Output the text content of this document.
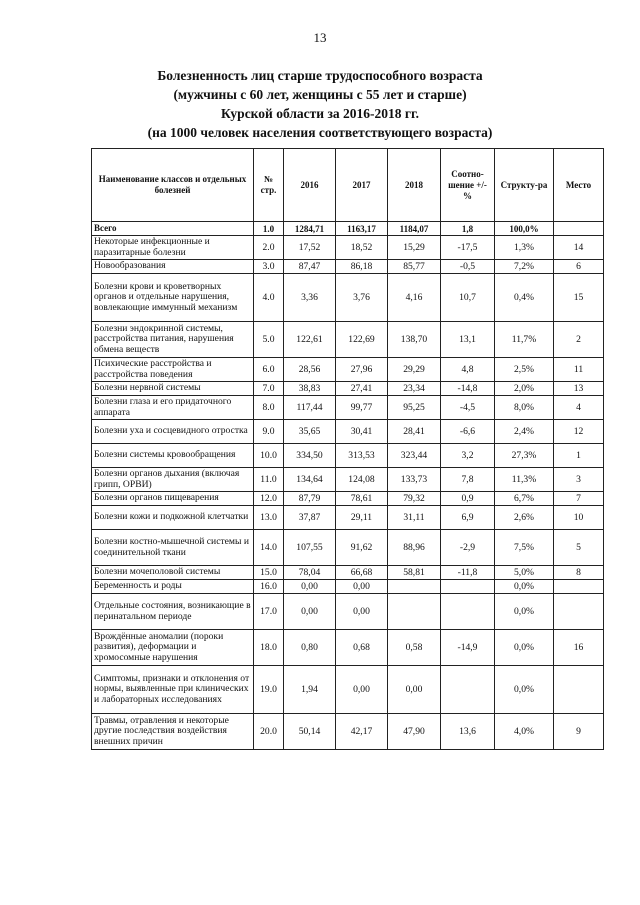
13
Болезненность лиц старше трудоспособного возраста
(мужчины с 60 лет, женщины с 55 лет и старше)
Курской области за 2016-2018 гг.
(на 1000 человек населения соответствующего возраста)
Наименование классов и отдельных болезней	№ стр.	2016	2017	2018	Соотно-шение +/- %	Структу-ра	Место
Всего	1.0	1284,71	1163,17	1184,07	1,8	100,0%	
Некоторые инфекционные и паразитарные болезни	2.0	17,52	18,52	15,29	-17,5	1,3%	14
Новообразования	3.0	87,47	86,18	85,77	-0,5	7,2%	6
Болезни крови и кроветворных органов и отдельные нарушения, вовлекающие иммунный механизм	4.0	3,36	3,76	4,16	10,7	0,4%	15
Болезни эндокринной системы, расстройства питания, нарушения обмена веществ	5.0	122,61	122,69	138,70	13,1	11,7%	2
Психические расстройства и расстройства поведения	6.0	28,56	27,96	29,29	4,8	2,5%	11
Болезни нервной системы	7.0	38,83	27,41	23,34	-14,8	2,0%	13
Болезни глаза и его придаточного аппарата	8.0	117,44	99,77	95,25	-4,5	8,0%	4
Болезни уха и сосцевидного отростка	9.0	35,65	30,41	28,41	-6,6	2,4%	12
Болезни системы кровообращения	10.0	334,50	313,53	323,44	3,2	27,3%	1
Болезни органов дыхания (включая грипп, ОРВИ)	11.0	134,64	124,08	133,73	7,8	11,3%	3
Болезни органов пищеварения	12.0	87,79	78,61	79,32	0,9	6,7%	7
Болезни кожи и подкожной клетчатки	13.0	37,87	29,11	31,11	6,9	2,6%	10
Болезни костно-мышечной системы и соединительной ткани	14.0	107,55	91,62	88,96	-2,9	7,5%	5
Болезни мочеполовой системы	15.0	78,04	66,68	58,81	-11,8	5,0%	8
Беременность и роды	16.0	0,00	0,00			0,0%	
Отдельные состояния, возникающие в перинатальном периоде	17.0	0,00	0,00			0,0%	
Врождённые аномалии (пороки развития), деформации и хромосомные нарушения	18.0	0,80	0,68	0,58	-14,9	0,0%	16
Симптомы, признаки и отклонения от нормы, выявленные при клинических и лабораторных исследованиях	19.0	1,94	0,00	0,00		0,0%	
Травмы, отравления и некоторые другие последствия воздействия внешних причин	20.0	50,14	42,17	47,90	13,6	4,0%	9
